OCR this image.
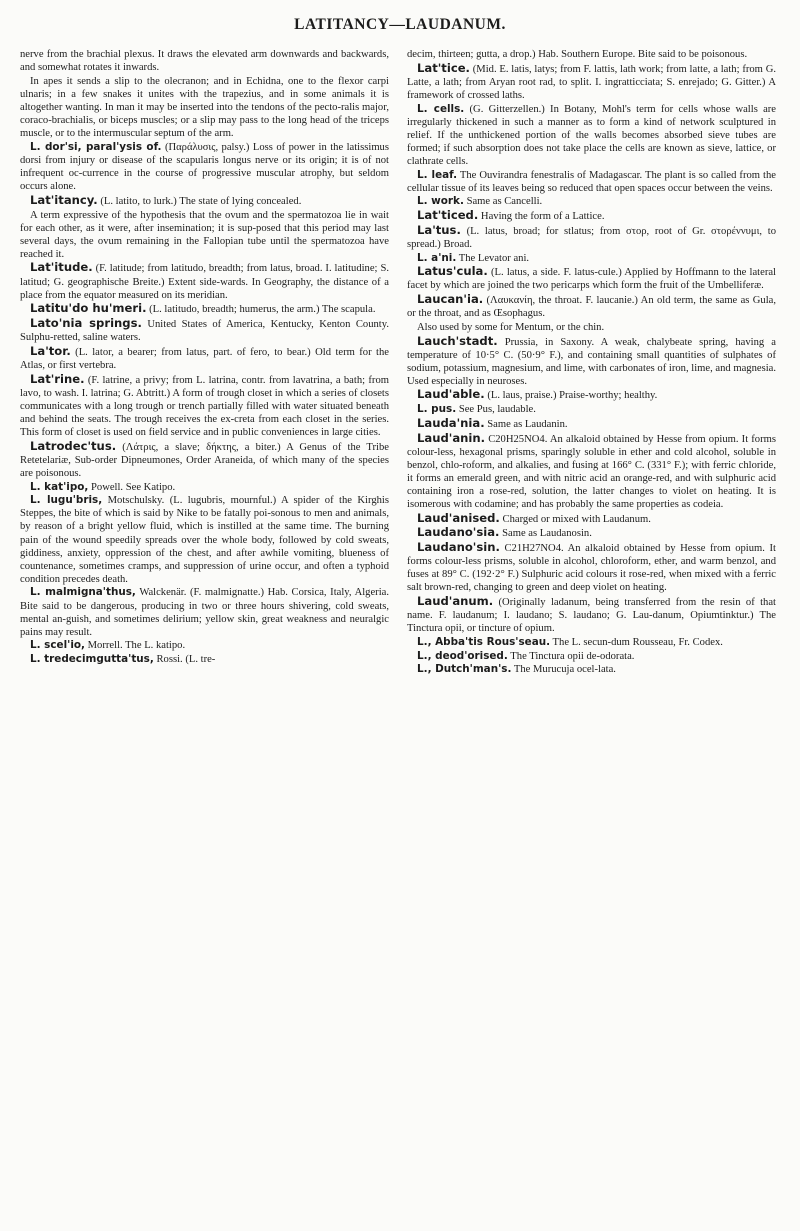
LATITANCY—LAUDANUM.

nerve from the brachial plexus. It draws the elevated arm downwards and backwards, and somewhat rotates it inwards.

In apes it sends a slip to the olecranon; and in Echidna, one to the flexor carpi ulnaris; in a few snakes it unites with the trapezius, and in some animals it is altogether wanting. In man it may be inserted into the tendons of the pecto-ralis major, coraco-brachialis, or biceps muscles; or a slip may pass to the long head of the triceps muscle, or to the intermuscular septum of the arm.

L. dor'si, paral'ysis of. (Παράλυσις, palsy.) Loss of power in the latissimus dorsi from injury or disease of the scapularis longus nerve or its origin; it is of not infrequent oc-currence in the course of progressive muscular atrophy, but seldom occurs alone.

Lat'itancy. (L. latito, to lurk.) The state of lying concealed.

A term expressive of the hypothesis that the ovum and the spermatozoa lie in wait for each other, as it were, after insemination; it is sup-posed that this period may last several days, the ovum remaining in the Fallopian tube until the spermatozoa have reached it.

Lat'itude. (F. latitude; from latitudo, breadth; from latus, broad. I. latitudine; S. latitud; G. geographische Breite.) Extent side-wards. In Geography, the distance of a place from the equator measured on its meridian.

Latitu'do hu'meri. (L. latitudo, breadth; humerus, the arm.) The scapula.

Lato'nia springs. United States of America, Kentucky, Kenton County. Sulphu-retted, saline waters.

La'tor. (L. lator, a bearer; from latus, part. of fero, to bear.) Old term for the Atlas, or first vertebra.

Lat'rine. (F. latrine, a privy; from L. latrina, contr. from lavatrina, a bath; from lavo, to wash. I. latrina; G. Abtritt.) A form of trough closet in which a series of closets communicates with a long trough or trench partially filled with water situated beneath and behind the seats. The trough receives the ex-creta from each closet in the series. This form of closet is used on field service and in public conveniences in large cities.

Latrodec'tus. (Λάτρις, a slave; δήκτης, a biter.) A Genus of the Tribe Retetelariæ, Sub-order Dipneumones, Order Araneida, of which many of the species are poisonous.

L. kat'ipo, Powell. See Katipo.

L. lugu'bris, Motschulsky. (L. lugubris, mournful.) A spider of the Kirghis Steppes, the bite of which is said by Nike to be fatally poi-sonous to men and animals, by reason of a bright yellow fluid, which is instilled at the same time. The burning pain of the wound speedily spreads over the whole body, followed by cold sweats, giddiness, anxiety, oppression of the chest, and after awhile vomiting, blueness of countenance, sometimes cramps, and suppression of urine occur, and often a typhoid condition precedes death.

L. malmigna'thus, Walckenär. (F. malmignatte.) Hab. Corsica, Italy, Algeria. Bite said to be dangerous, producing in two or three hours shivering, cold sweats, mental an-guish, and sometimes delirium; yellow skin, great weakness and neuralgic pains may result.

L. scel'io, Morrell. The L. katipo.

L. tredecimgutta'tus, Rossi. (L. tre-

decim, thirteen; gutta, a drop.) Hab. Southern Europe. Bite said to be poisonous.

Lat'tice. (Mid. E. latis, latys; from F. lattis, lath work; from latte, a lath; from G. Latte, a lath; from Aryan root rad, to split. I. ingratticciata; S. enrejado; G. Gitter.) A framework of crossed laths.

L. cells. (G. Gitterzellen.) In Botany, Mohl's term for cells whose walls are irregularly thickened in such a manner as to form a kind of network sculptured in relief. If the unthickened portion of the walls becomes absorbed sieve tubes are formed; if such absorption does not take place the cells are known as sieve, lattice, or clathrate cells.

L. leaf. The Ouvirandra fenestralis of Madagascar. The plant is so called from the cellular tissue of its leaves being so reduced that open spaces occur between the veins.

L. work. Same as Cancelli.

Lat'ticed. Having the form of a Lattice.

La'tus. (L. latus, broad; for stlatus; from στορ, root of Gr. στορέννυμι, to spread.) Broad.

L. a'ni. The Levator ani.

Latus'cula. (L. latus, a side. F. latus-cule.) Applied by Hoffmann to the lateral facet by which are joined the two pericarps which form the fruit of the Umbelliferæ.

Laucan'ia. (Λαυκανίη, the throat. F. laucanie.) An old term, the same as Gula, or the throat, and as Œsophagus.

Also used by some for Mentum, or the chin.

Lauch'stadt. Prussia, in Saxony. A weak, chalybeate spring, having a temperature of 10·5° C. (50·9° F.), and containing small quantities of sulphates of sodium, potassium, magnesium, and lime, with carbonates of iron, lime, and magnesia. Used especially in neuroses.

Laud'able. (L. laus, praise.) Praise-worthy; healthy.

L. pus. See Pus, laudable.

Lauda'nia. Same as Laudanin.

Laud'anin. C20H25NO4. An alkaloid obtained by Hesse from opium. It forms colour-less, hexagonal prisms, sparingly soluble in ether and cold alcohol, soluble in benzol, chlo-roform, and alkalies, and fusing at 166° C. (331° F.); with ferric chloride, it forms an emerald green, and with nitric acid an orange-red, and with sulphuric acid containing iron a rose-red, solution, the latter changes to violet on heating. It is isomerous with codamine; and has probably the same properties as codeia.

Laud'anised. Charged or mixed with Laudanum.

Laudano'sia. Same as Laudanosin.

Laudano'sin. C21H27NO4. An alkaloid obtained by Hesse from opium. It forms colour-less prisms, soluble in alcohol, chloroform, ether, and warm benzol, and fuses at 89° C. (192·2° F.) Sulphuric acid colours it rose-red, when mixed with a ferric salt brown-red, changing to green and deep violet on heating.

Laud'anum. (Originally ladanum, being transferred from the resin of that name. F. laudanum; I. laudano; S. laudano; G. Lau-danum, Opiumtinktur.) The Tinctura opii, or tincture of opium.

L., Abba'tis Rous'seau. The L. secun-dum Rousseau, Fr. Codex.

L., deod'orised. The Tinctura opii de-odorata.

L., Dutch'man's. The Murucuja ocel-lata.
